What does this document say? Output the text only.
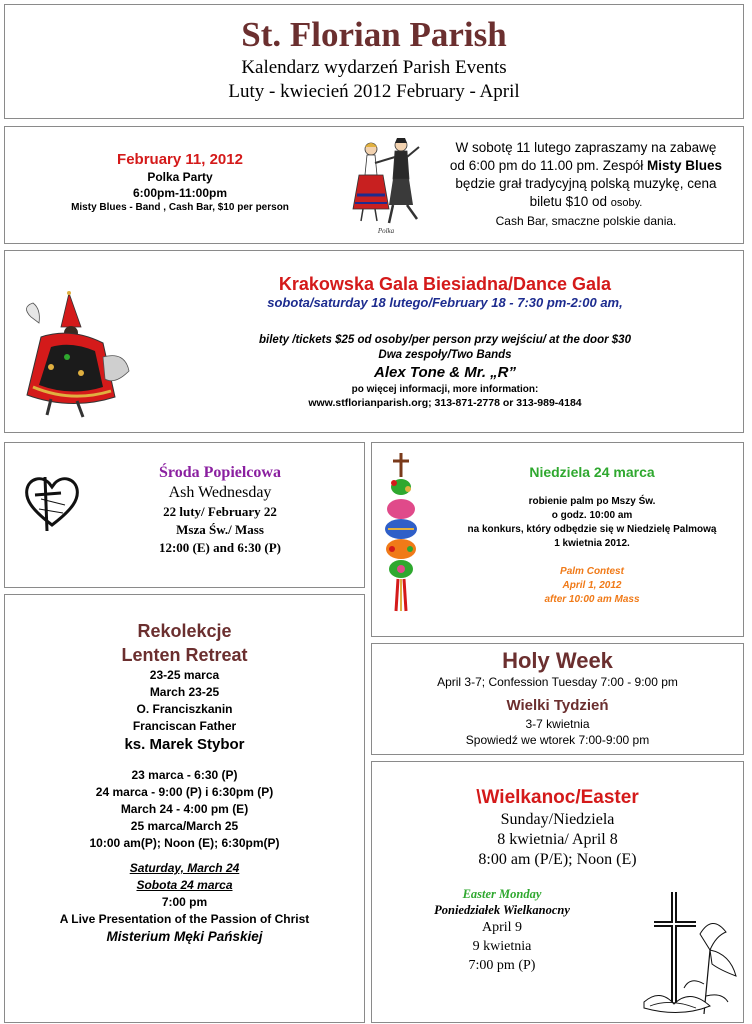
St. Florian Parish
Kalendarz wydarzeń Parish Events
Luty - kwiecień 2012 February - April
February 11, 2012
Polka Party
6:00pm-11:00pm
Misty Blues - Band , Cash Bar, $10 per person
Polka
W sobotę 11 lutego zapraszamy na zabawę
od 6:00 pm do 11.00 pm. Zespół Misty Blues
będzie grał tradycyjną polską muzykę, cena
biletu $10 od osoby.
Cash Bar, smaczne polskie dania.
Krakowska Gala Biesiadna/Dance Gala
sobota/saturday 18 lutego/February 18 - 7:30 pm-2:00 am,
bilety /tickets $25 od osoby/per person przy wejściu/ at the door $30
Dwa zespoły/Two Bands
Alex Tone & Mr. „R”
po więcej informacji, more information:
www.stflorianparish.org; 313-871-2778 or 313-989-4184
Środa Popielcowa
Ash Wednesday
22 luty/ February 22
Msza Św./ Mass
12:00 (E) and 6:30 (P)
Niedziela 24 marca
robienie palm po Mszy Św.
o godz. 10:00 am
na konkurs, który odbędzie się w Niedzielę Palmową
1 kwietnia 2012.
Palm Contest
April 1, 2012
after 10:00 am Mass
Rekolekcje
Lenten Retreat
23-25 marca
March 23-25
O. Franciszkanin
Franciscan Father
ks. Marek Stybor
23 marca - 6:30 (P)
24 marca - 9:00 (P) i 6:30pm (P)
March 24 - 4:00 pm (E)
25 marca/March 25
10:00 am(P); Noon (E); 6:30pm(P)
Saturday, March 24
Sobota 24 marca
7:00 pm
A Live Presentation of the Passion of Christ
Misterium Męki Pańskiej
Holy Week
April 3-7; Confession Tuesday 7:00 - 9:00 pm
Wielki Tydzień
3-7 kwietnia
Spowiedź we wtorek 7:00-9:00 pm
\Wielkanoc/Easter
Sunday/Niedziela
8 kwietnia/ April 8
8:00 am (P/E); Noon (E)
Easter Monday
Poniedziałek Wielkanocny
April 9
9 kwietnia
7:00 pm (P)
